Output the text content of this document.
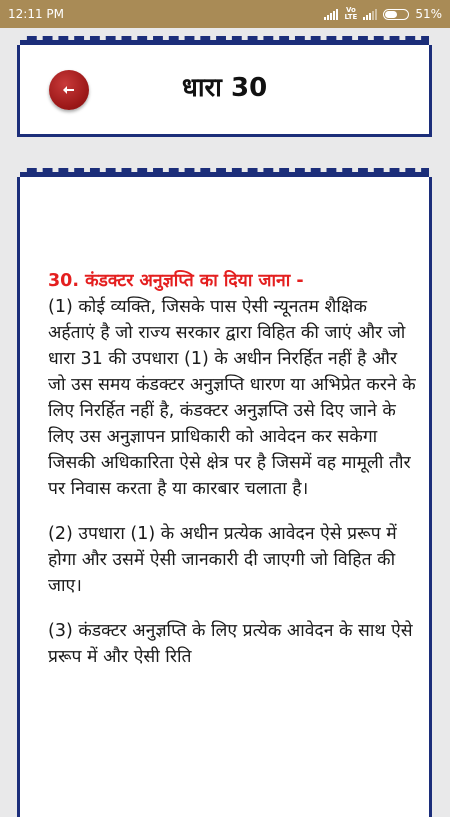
12:11 PM	Vo
LTE	51%
धारा 30
30. कंडक्टर अनुज्ञप्ति का दिया जाना -

(1) कोई व्यक्ति, जिसके पास ऐसी न्यूनतम शैक्षिक अर्हताएं है जो राज्य सरकार द्वारा विहित की जाएं और जो धारा 31 की उपधारा (1) के अधीन निरर्हित नहीं है और जो उस समय कंडक्टर अनुज्ञप्ति धारण या अभिप्रेत करने के लिए निरर्हित नहीं है, कंडक्टर अनुज्ञप्ति उसे दिए जाने के लिए उस अनुज्ञापन प्राधिकारी को आवेदन कर सकेगा जिसकी अधिकारिता ऐसे क्षेत्र पर है जिसमें वह मामूली तौर पर निवास करता है या कारबार चलाता है।

(2) उपधारा (1) के अधीन प्रत्येक आवेदन ऐसे प्ररूप में होगा और उसमें ऐसी जानकारी दी जाएगी जो विहित की जाए।

(3) कंडक्टर अनुज्ञप्ति के लिए प्रत्येक आवेदन के साथ ऐसे प्ररूप में और ऐसी रिति
